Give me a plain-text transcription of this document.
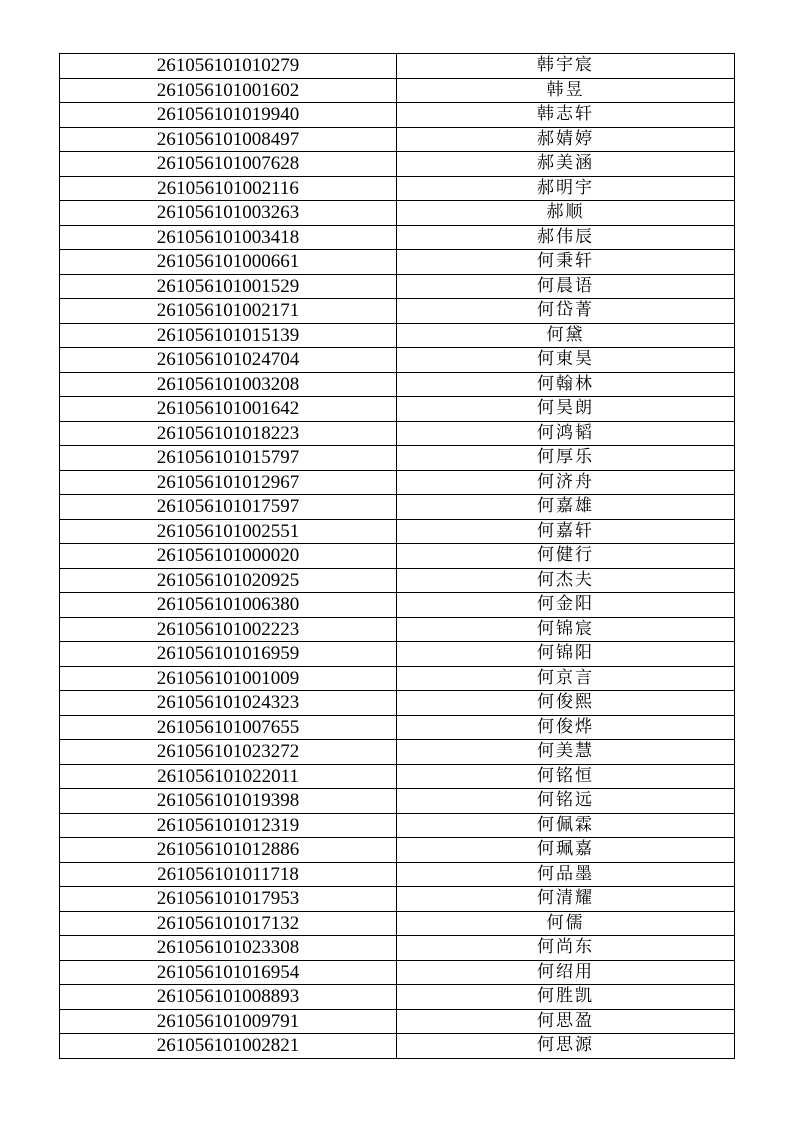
261056101010279	韩宇宸
261056101001602	韩昱
261056101019940	韩志轩
261056101008497	郝婧婷
261056101007628	郝美涵
261056101002116	郝明宇
261056101003263	郝顺
261056101003418	郝伟辰
261056101000661	何秉轩
261056101001529	何晨语
261056101002171	何岱菁
261056101015139	何黛
261056101024704	何東昊
261056101003208	何翰林
261056101001642	何昊朗
261056101018223	何鸿韬
261056101015797	何厚乐
261056101012967	何济舟
261056101017597	何嘉雄
261056101002551	何嘉轩
261056101000020	何健行
261056101020925	何杰夫
261056101006380	何金阳
261056101002223	何锦宸
261056101016959	何锦阳
261056101001009	何京言
261056101024323	何俊熙
261056101007655	何俊烨
261056101023272	何美慧
261056101022011	何铭恒
261056101019398	何铭远
261056101012319	何佩霖
261056101012886	何珮嘉
261056101011718	何品墨
261056101017953	何清耀
261056101017132	何儒
261056101023308	何尚东
261056101016954	何绍用
261056101008893	何胜凯
261056101009791	何思盈
261056101002821	何思源
